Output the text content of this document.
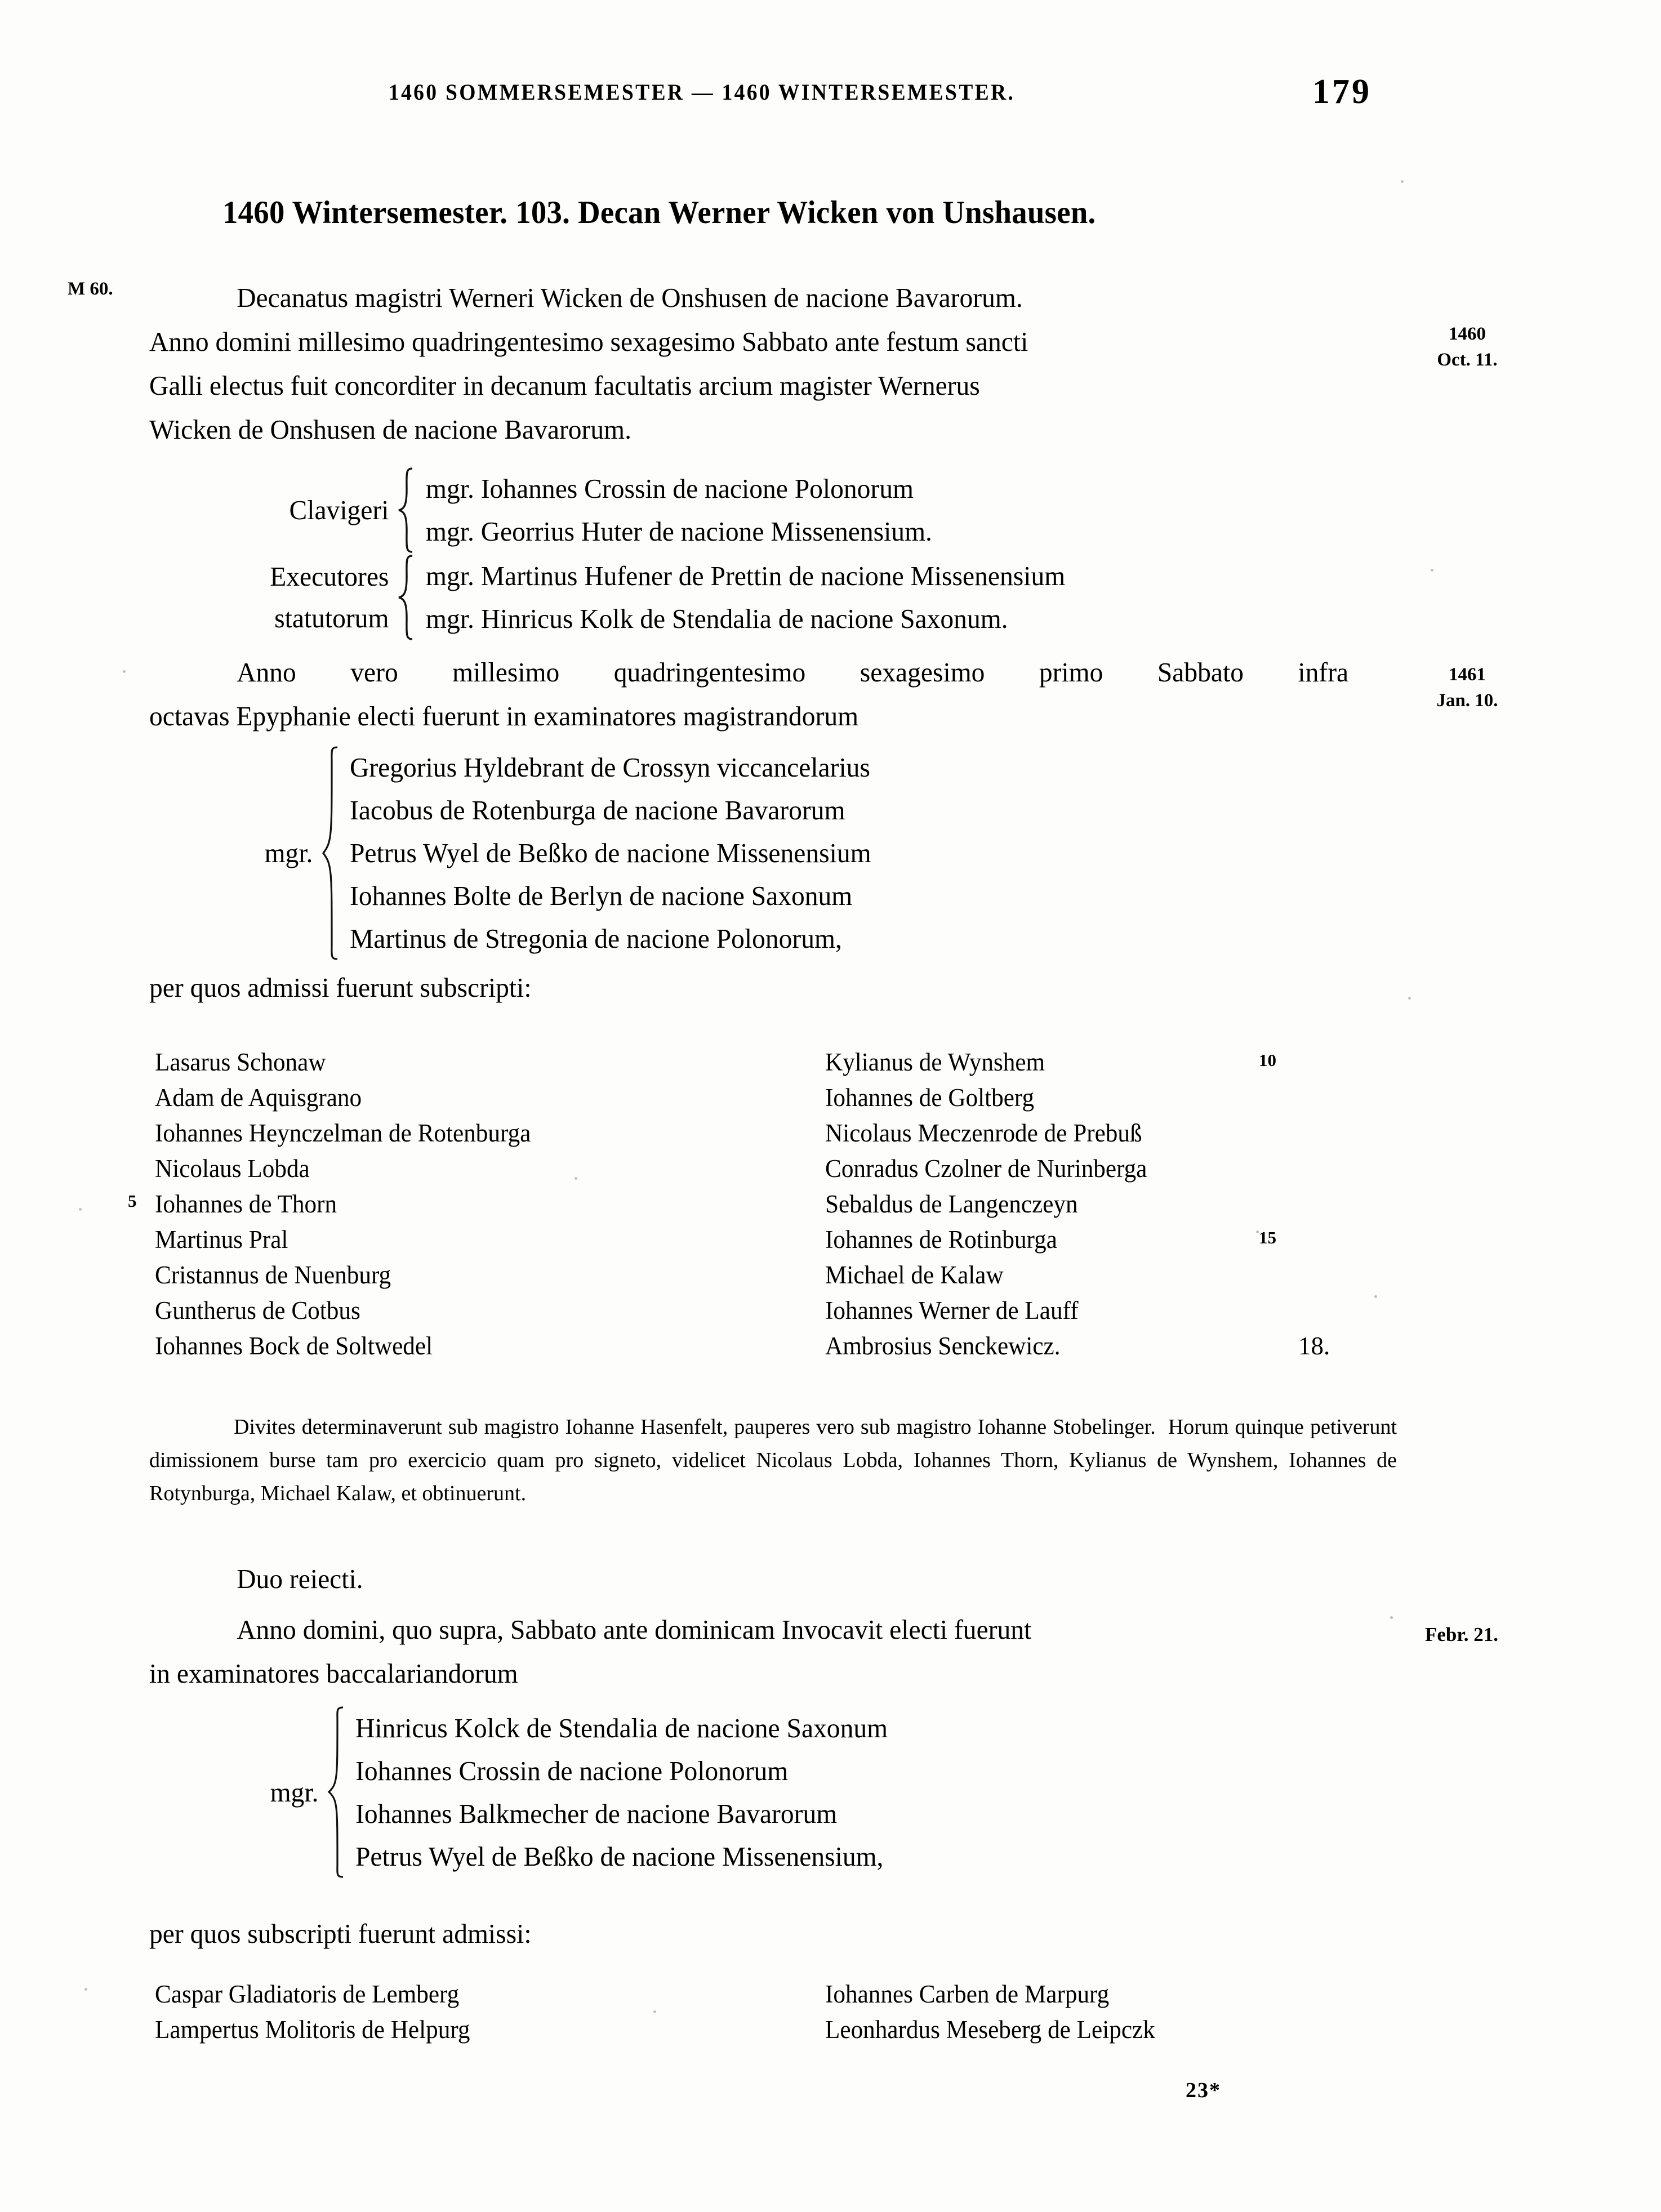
1460 SOMMERSEMESTER — 1460 WINTERSEMESTER.	179
1460 Wintersemester. 103. Decan Werner Wicken von Unshausen.
M 60.
1460
Oct. 11.
1461
Jan. 10.
Febr. 21.
Decanatus magistri Werneri Wicken de Onshusen de nacione Bavarorum.
Anno domini millesimo quadringentesimo sexagesimo Sabbato ante festum sancti
Galli electus fuit concorditer in decanum facultatis arcium magister Wernerus
Wicken de Onshusen de nacione Bavarorum.
Clavigeri
mgr. Iohannes Crossin de nacione Polonorum
mgr. Georrius Huter de nacione Missenensium.
Executores
statutorum
mgr. Martinus Hufener de Prettin de nacione Missenensium
mgr. Hinricus Kolk de Stendalia de nacione Saxonum.
Anno vero millesimo quadringentesimo sexagesimo primo Sabbato infra
octavas Epyphanie electi fuerunt in examinatores magistrandorum
mgr.
Gregorius Hyldebrant de Crossyn viccancelarius
Iacobus de Rotenburga de nacione Bavarorum
Petrus Wyel de Beßko de nacione Missenensium
Iohannes Bolte de Berlyn de nacione Saxonum
Martinus de Stregonia de nacione Polonorum,
per quos admissi fuerunt subscripti:
Lasarus Schonaw	Kylianus de Wynshem	10
Adam de Aquisgrano	Iohannes de Goltberg
Iohannes Heynczelman de Rotenburga	Nicolaus Meczenrode de Prebuß
Nicolaus Lobda	Conradus Czolner de Nurinberga
5 Iohannes de Thorn	Sebaldus de Langenczeyn
Martinus Pral	Iohannes de Rotinburga	15
Cristannus de Nuenburg	Michael de Kalaw
Guntherus de Cotbus	Iohannes Werner de Lauff
Iohannes Bock de Soltwedel	Ambrosius Senckewicz.	18.

Divites determinaverunt sub magistro Iohanne Hasenfelt, pauperes vero sub magistro Iohanne Stobelinger. Horum quinque petiverunt dimissionem burse tam pro exercicio quam pro signeto, videlicet Nicolaus Lobda, Iohannes Thorn, Kylianus de Wynshem, Iohannes de Rotynburga, Michael Kalaw, et obtinuerunt.

Duo reiecti.
Anno domini, quo supra, Sabbato ante dominicam Invocavit electi fuerunt
in examinatores baccalariandorum
mgr.
Hinricus Kolck de Stendalia de nacione Saxonum
Iohannes Crossin de nacione Polonorum
Iohannes Balkmecher de nacione Bavarorum
Petrus Wyel de Beßko de nacione Missenensium,
per quos subscripti fuerunt admissi:
Caspar Gladiatoris de Lemberg	Iohannes Carben de Marpurg
Lampertus Molitoris de Helpurg	Leonhardus Meseberg de Leipczk
23*
